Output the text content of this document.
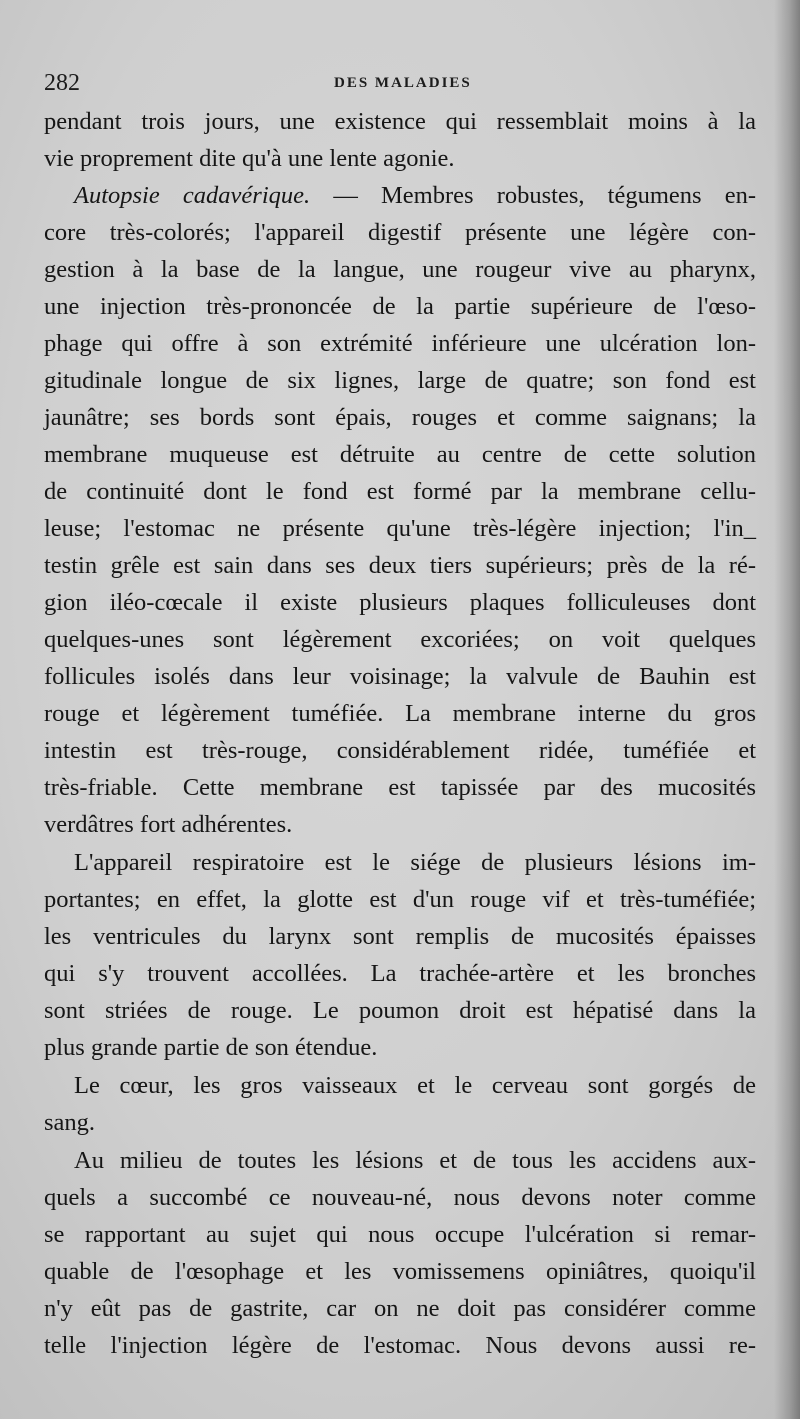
282	DES MALADIES
pendant trois jours, une existence qui ressemblait moins à la
vie proprement dite qu'à une lente agonie.
Autopsie cadavérique. — Membres robustes, tégumens en-
core très-colorés; l'appareil digestif présente une légère con-
gestion à la base de la langue, une rougeur vive au pharynx,
une injection très-prononcée de la partie supérieure de l'œso-
phage qui offre à son extrémité inférieure une ulcération lon-
gitudinale longue de six lignes, large de quatre; son fond est
jaunâtre; ses bords sont épais, rouges et comme saignans; la
membrane muqueuse est détruite au centre de cette solution
de continuité dont le fond est formé par la membrane cellu-
leuse; l'estomac ne présente qu'une très-légère injection; l'in_
testin grêle est sain dans ses deux tiers supérieurs; près de la ré-
gion iléo-cœcale il existe plusieurs plaques folliculeuses dont
quelques-unes sont légèrement excoriées; on voit quelques
follicules isolés dans leur voisinage; la valvule de Bauhin est
rouge et légèrement tuméfiée. La membrane interne du gros
intestin est très-rouge, considérablement ridée, tuméfiée et
très-friable. Cette membrane est tapissée par des mucosités
verdâtres fort adhérentes.
L'appareil respiratoire est le siége de plusieurs lésions im-
portantes; en effet, la glotte est d'un rouge vif et très-tuméfiée;
les ventricules du larynx sont remplis de mucosités épaisses
qui s'y trouvent accollées. La trachée-artère et les bronches
sont striées de rouge. Le poumon droit est hépatisé dans la
plus grande partie de son étendue.
Le cœur, les gros vaisseaux et le cerveau sont gorgés de
sang.
Au milieu de toutes les lésions et de tous les accidens aux-
quels a succombé ce nouveau-né, nous devons noter comme
se rapportant au sujet qui nous occupe l'ulcération si remar-
quable de l'œsophage et les vomissemens opiniâtres, quoiqu'il
n'y eût pas de gastrite, car on ne doit pas considérer comme
telle l'injection légère de l'estomac. Nous devons aussi re-
